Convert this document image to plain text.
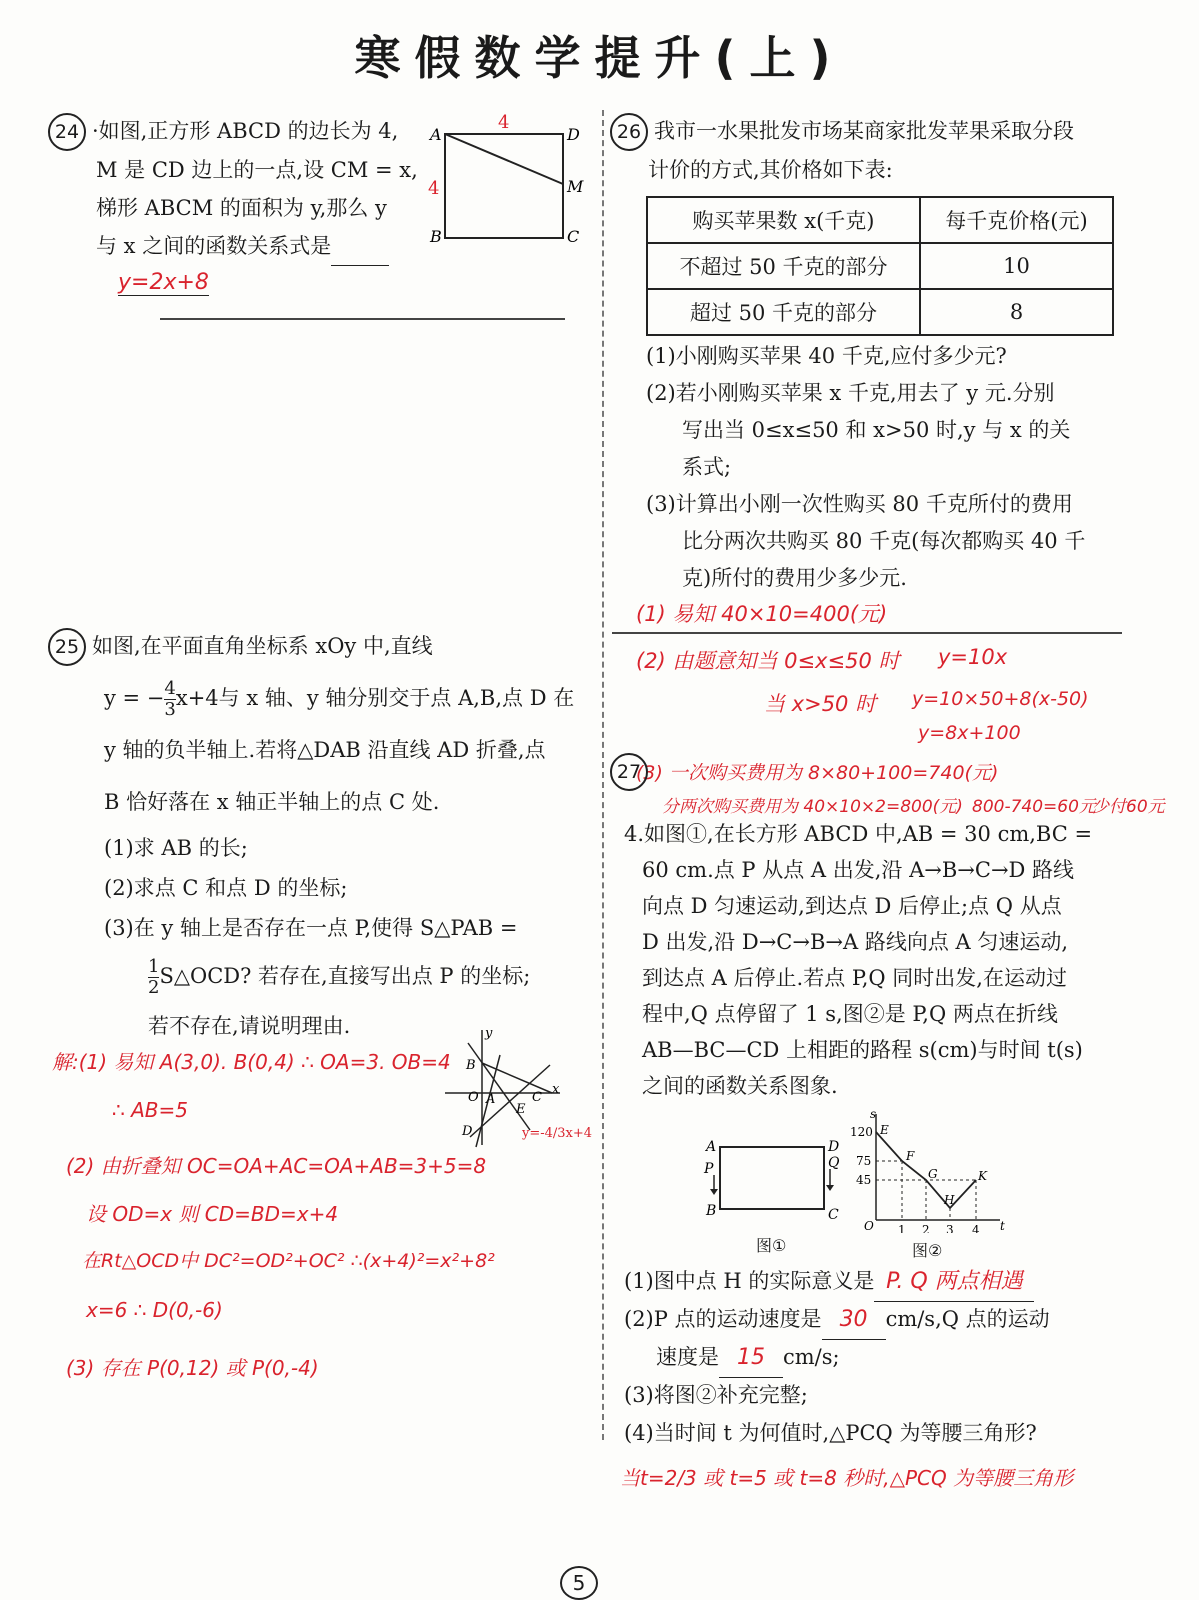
寒假数学提升(上)
24 ·如图,正方形 ABCD 的边长为 4,
M 是 CD 边上的一点,设 CM = x,
梯形 ABCM 的面积为 y,那么 y
与 x 之间的函数关系式是
y=2x+8
A	D
M
B	C
4
4
26 我市一水果批发市场某商家批发苹果采取分段
计价的方式,其价格如下表:
购买苹果数 x(千克)	每千克价格(元)
不超过 50 千克的部分	10
超过 50 千克的部分	8
(1)小刚购买苹果 40 千克,应付多少元?
(2)若小刚购买苹果 x 千克,用去了 y 元.分别
写出当 0≤x≤50 和 x>50 时,y 与 x 的关
系式;
(3)计算出小刚一次性购买 80 千克所付的费用
比分两次共购买 80 千克(每次都购买 40 千
克)所付的费用少多少元.
(1) 易知 40×10=400(元)
(2) 由题意知当 0≤x≤50 时 y=10x
当 x>50 时 y=10×50+8(x-50)
y=8x+100
(3) 一次购买费用为 8×80+100=740(元)
分两次购买费用为 40×10×2=800(元) 800-740=60元
少付60元
25 如图,在平面直角坐标系 xOy 中,直线
y = − $\frac{4}{3} x+4$与 x 轴、y 轴分别交于点 A,B,点 D 在
y 轴的负半轴上.若将△DAB 沿直线 AD 折叠,点
B 恰好落在 x 轴正半轴上的点 C 处.
(1)求 AB 的长;
(2)求点 C 和点 D 的坐标;
(3)在 y 轴上是否存在一点 P,使得 S△PAB =
$\frac{1}{2}$ S△OCD? 若存在,直接写出点 P 的坐标;
若不存在,请说明理由.
解:(1) 易知 A(3,0). B(0,4) ∴ OA=3. OB=4
∴ AB=5
(2) 由折叠知 OC=OA+AC=OA+AB=3+5=8
设 OD=x 则 CD=BD=x+4
在Rt△OCD中 DC²=OD²+OC² ∴(x+4)²=x²+8²
x=6 ∴ D(0,-6)
(3) 存在 P(0,12) 或 P(0,-4)
y
x
B
O A	C
E
D	y=-4/3x+4
27
4.如图①,在长方形 ABCD 中,AB = 30 cm,BC =
60 cm.点 P 从点 A 出发,沿 A→B→C→D 路线
向点 D 匀速运动,到达点 D 后停止;点 Q 从点
D 出发,沿 D→C→B→A 路线向点 A 匀速运动,
到达点 A 后停止.若点 P,Q 同时出发,在运动过
程中,Q 点停留了 1 s,图②是 P,Q 两点在折线
AB—BC—CD 上相距的路程 s(cm)与时间 t(s)
之间的函数关系图象.
A
P
B
D
Q
C
图①
s
t
O
120
75
45
1 2 3 4
E
F
G
H
K
图②
(1)图中点 H 的实际意义是 P. Q 两点相遇
(2)P 点的运动速度是 30 cm/s,Q 点的运动
速度是 15 cm/s;
(3)将图②补充完整;
(4)当时间 t 为何值时,△PCQ 为等腰三角形?
当t=2/3 或 t=5 或 t=8 秒时,△PCQ 为等腰三角形
5
